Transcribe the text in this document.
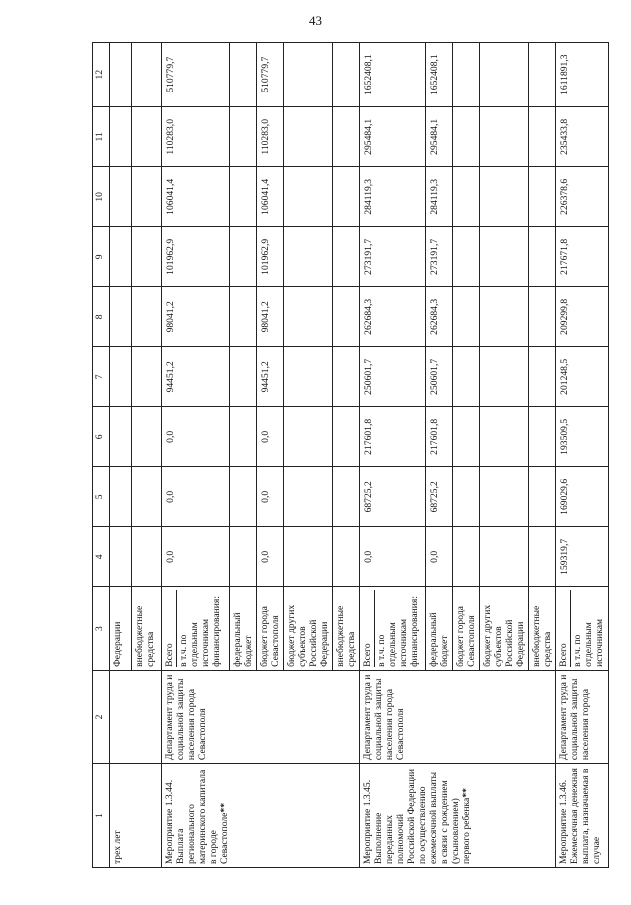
43
1	2	3	4	5	6	7	8	9	10	11	12
трех лет		Федерации									
		внебюджетные средства									
Мероприятие 1.3.44. Выплата регионального материнского капитала в городе Севастополе**	Департамент труда и социальной защиты населения города Севастополя	Всего в т.ч. по отдельным источникам финансирования:	0,0	0,0	0,0	94451,2	98041,2	101962,9	106041,4	110283,0	510779,7
		федеральный бюджет									
		бюджет города Севастополя	0,0	0,0	0,0	94451,2	98041,2	101962,9	106041,4	110283,0	510779,7
		бюджет других субъектов Российской Федерации									
		внебюджетные средства									
Мероприятие 1.3.45. Выполнение переданных полномочий Российской Федерации по осуществлению ежемесячной выплаты в связи с рождением (усыновлением) первого ребенка**	Департамент труда и социальной защиты населения города Севастополя	Всего в т.ч. по отдельным источникам финансирования:	0,0	68725,2	217601,8	250601,7	262684,3	273191,7	284119,3	295484,1	1652408,1
		федеральный бюджет	0,0	68725,2	217601,8	250601,7	262684,3	273191,7	284119,3	295484,1	1652408,1
		бюджет города Севастополя									
		бюджет других субъектов Российской Федерации									
		внебюджетные средства									
Мероприятие 1.3.46. Ежемесячная денежная выплата, назначаемая в случае	Департамент труда и социальной защиты населения города	Всего в т.ч. по отдельным источникам	159319,7	169029,6	193509,5	201248,5	209299,8	217671,8	226378,6	235433,8	1611891,3
